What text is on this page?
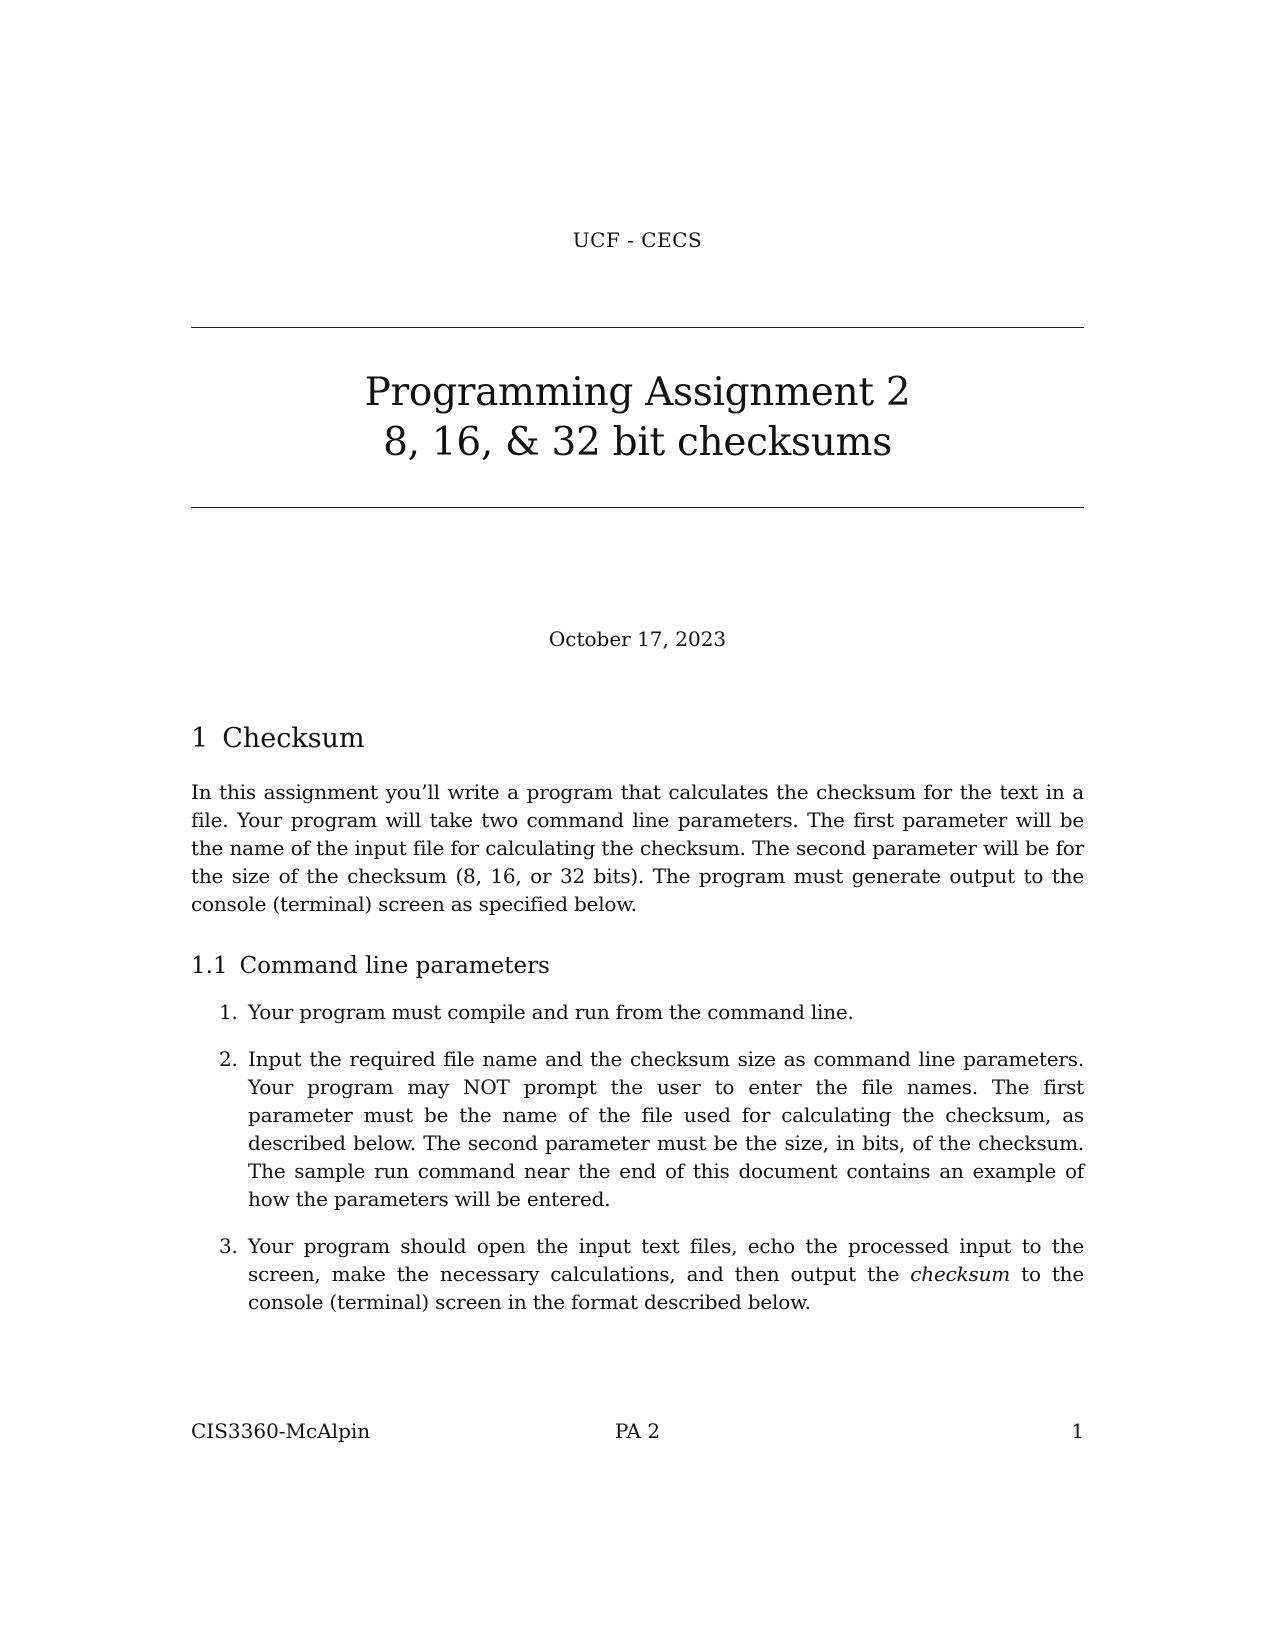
UCF - CECS
Programming Assignment 2
8, 16, & 32 bit checksums
October 17, 2023
1 Checksum

In this assignment you’ll write a program that calculates the checksum for the text in a file. Your program will take two command line parameters. The first parameter will be the name of the input file for calculating the checksum. The second parameter will be for the size of the checksum (8, 16, or 32 bits). The program must generate output to the console (terminal) screen as specified below.

1.1 Command line parameters
1. Your program must compile and run from the command line.
2. Input the required file name and the checksum size as command line parameters. Your program may NOT prompt the user to enter the file names. The first parameter must be the name of the file used for calculating the checksum, as described below. The second parameter must be the size, in bits, of the checksum. The sample run command near the end of this document contains an example of how the parameters will be entered.
3. Your program should open the input text files, echo the processed input to the screen, make the necessary calculations, and then output the checksum to the console (terminal) screen in the format described below.
CIS3360-McAlpin	PA 2	1
